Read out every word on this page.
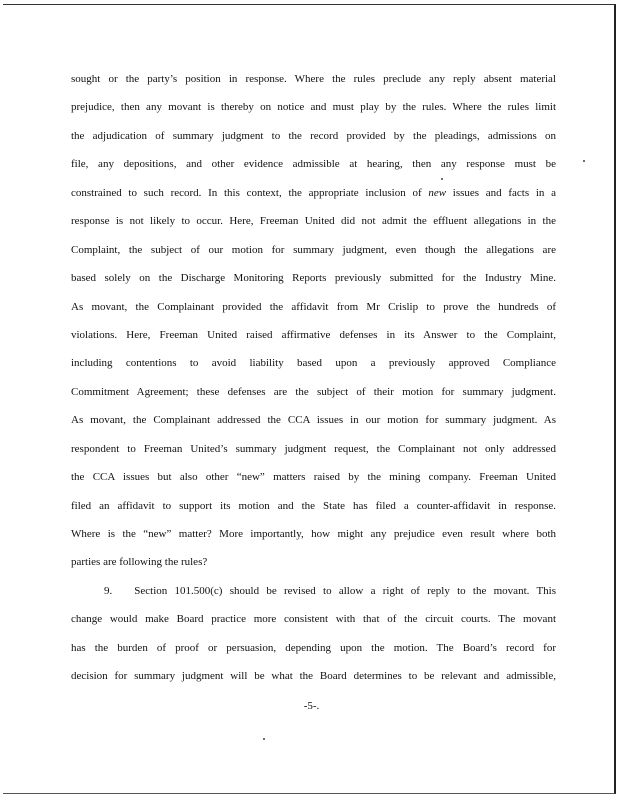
sought or the party’s position in response. Where the rules preclude any reply absent material
prejudice, then any movant is thereby on notice and must play by the rules. Where the rules limit
the adjudication of summary judgment to the record provided by the pleadings, admissions on
file, any depositions, and other evidence admissible at hearing, then any response must be
constrained to such record. In this context, the appropriate inclusion of new issues and facts in a
response is not likely to occur. Here, Freeman United did not admit the effluent allegations in the
Complaint, the subject of our motion for summary judgment, even though the allegations are
based solely on the Discharge Monitoring Reports previously submitted for the Industry Mine.
As movant, the Complainant provided the affidavit from Mr Crislip to prove the hundreds of
violations. Here, Freeman United raised affirmative defenses in its Answer to the Complaint,
including contentions to avoid liability based upon a previously approved Compliance
Commitment Agreement; these defenses are the subject of their motion for summary judgment.
As movant, the Complainant addressed the CCA issues in our motion for summary judgment. As
respondent to Freeman United’s summary judgment request, the Complainant not only addressed
the CCA issues but also other “new” matters raised by the mining company. Freeman United
filed an affidavit to support its motion and the State has filed a counter-affidavit in response.
Where is the “new” matter? More importantly, how might any prejudice even result where both
parties are following the rules?
9.  Section 101.500(c) should be revised to allow a right of reply to the movant. This
change would make Board practice more consistent with that of the circuit courts. The movant
has the burden of proof or persuasion, depending upon the motion. The Board’s record for
decision for summary judgment will be what the Board determines to be relevant and admissible,
-5-.
